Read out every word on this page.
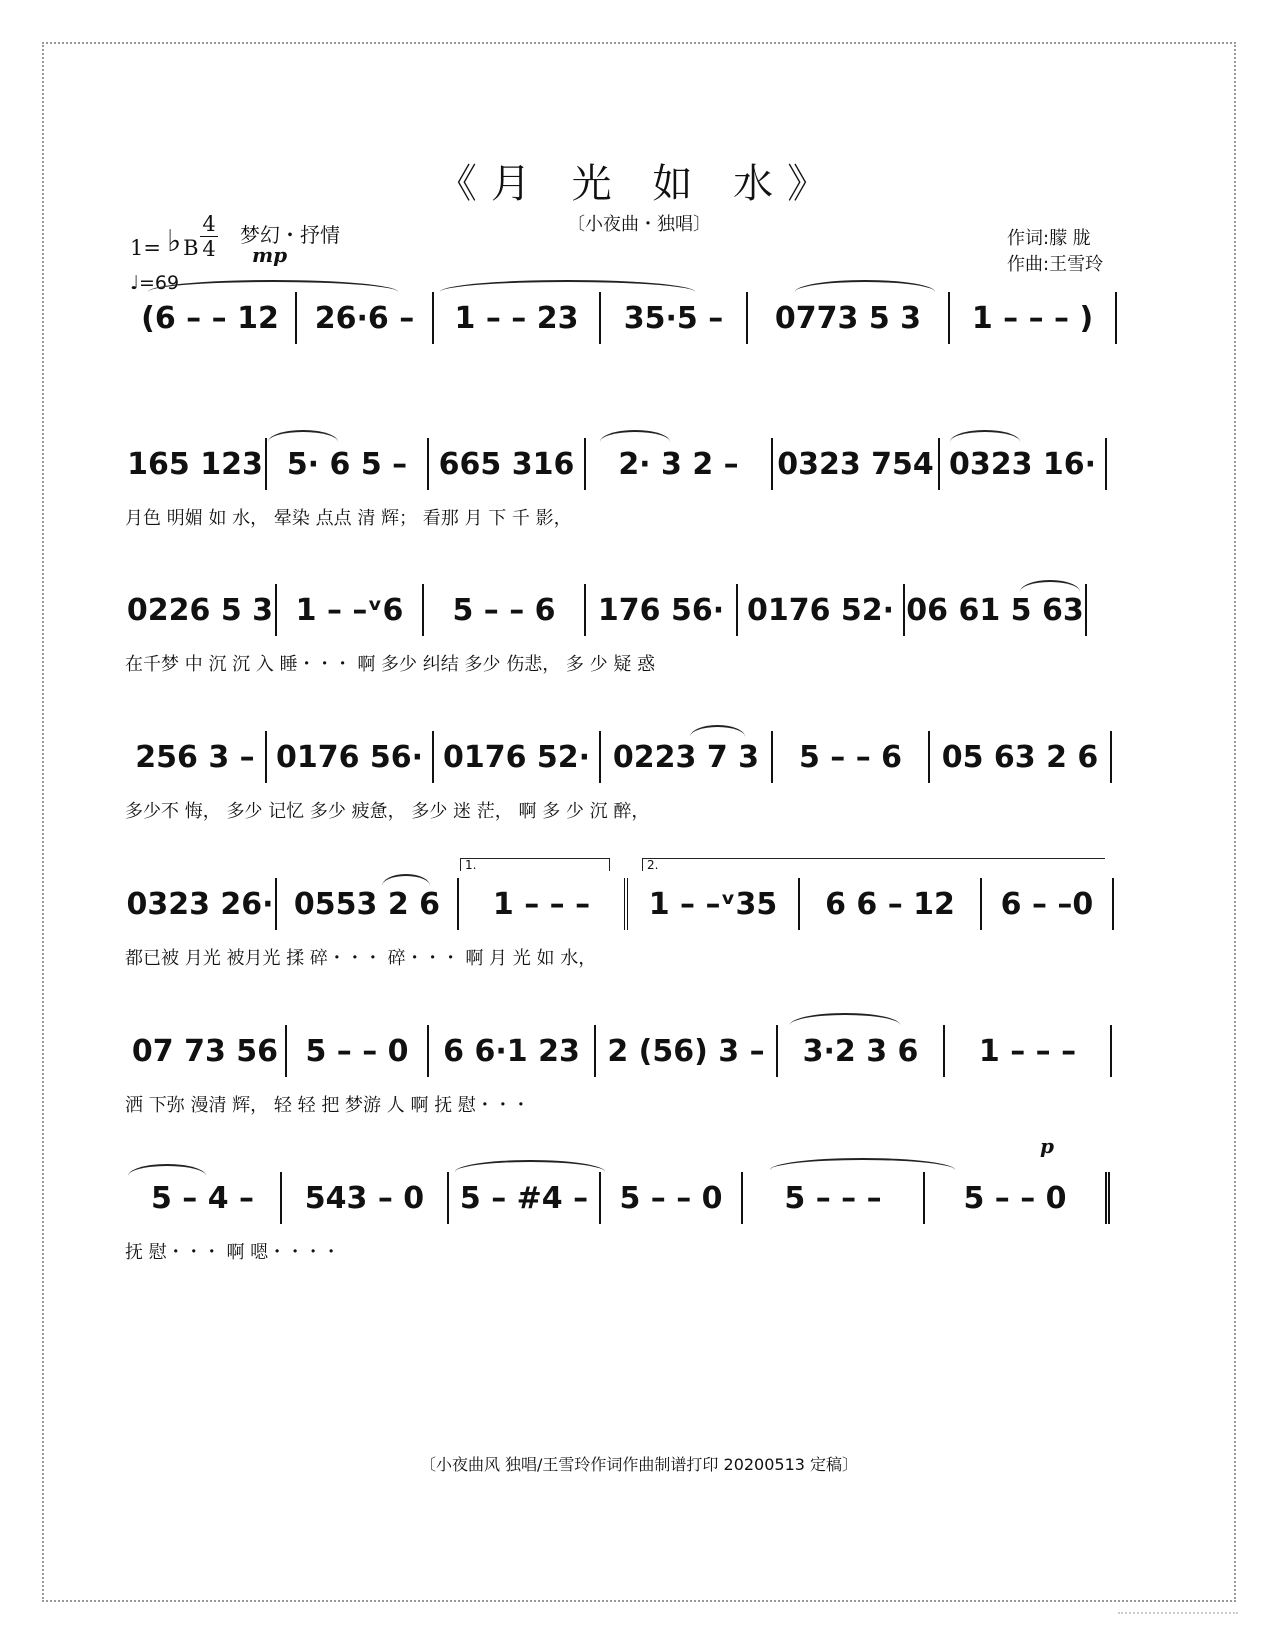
《月 光 如 水》
〔小夜曲・独唱〕
1= ♭B
4
4
梦幻・抒情
mp
♩=69
作词:朦 胧
作曲:王雪玲
(6 – – 12	26·6 –	1 – – 23	35·5 –	0773 5 3	1 – – – )
165 123 5· 6 5 –	665 316	2· 3 2 –	0323 754 0323 16·
月色 明媚 如 水， 晕染 点点 清 辉； 看那 月 下 千 影，
0226 5 3 1 – –ᵛ6	5 – – 6	176 56· 0176 52· 06 61 5 63
在千梦 中 沉 沉 入 睡・・・ 啊 多少 纠结 多少 伤悲， 多 少 疑 惑
256 3 – 0176 56· 0176 52· 0223 7 3	5 – – 6	05 63 2 6
多少不 悔， 多少 记忆 多少 疲惫， 多少 迷 茫， 啊 多 少 沉 醉，
1.	2.
0323 26· 0553 2 6	1 – – –	1 – –ᵛ35	6 6 – 12	6 – –0
都已被 月光 被月光 揉 碎・・・ 碎・・・ 啊 月 光 如 水，
07 73 56 5 – – 0	6 6·1 23 2 (56) 3 –	3·2 3 6	1 – – –
洒 下弥 漫清 辉， 轻 轻 把 梦游 人 啊 抚 慰・・・
p
5 – 4 –	543 – 0	5 – #4 –	5 – – 0	5 – – –	5 – – 0
抚 慰・・・ 啊 嗯・・・・
〔小夜曲风 独唱/王雪玲作词作曲制谱打印 20200513 定稿〕
